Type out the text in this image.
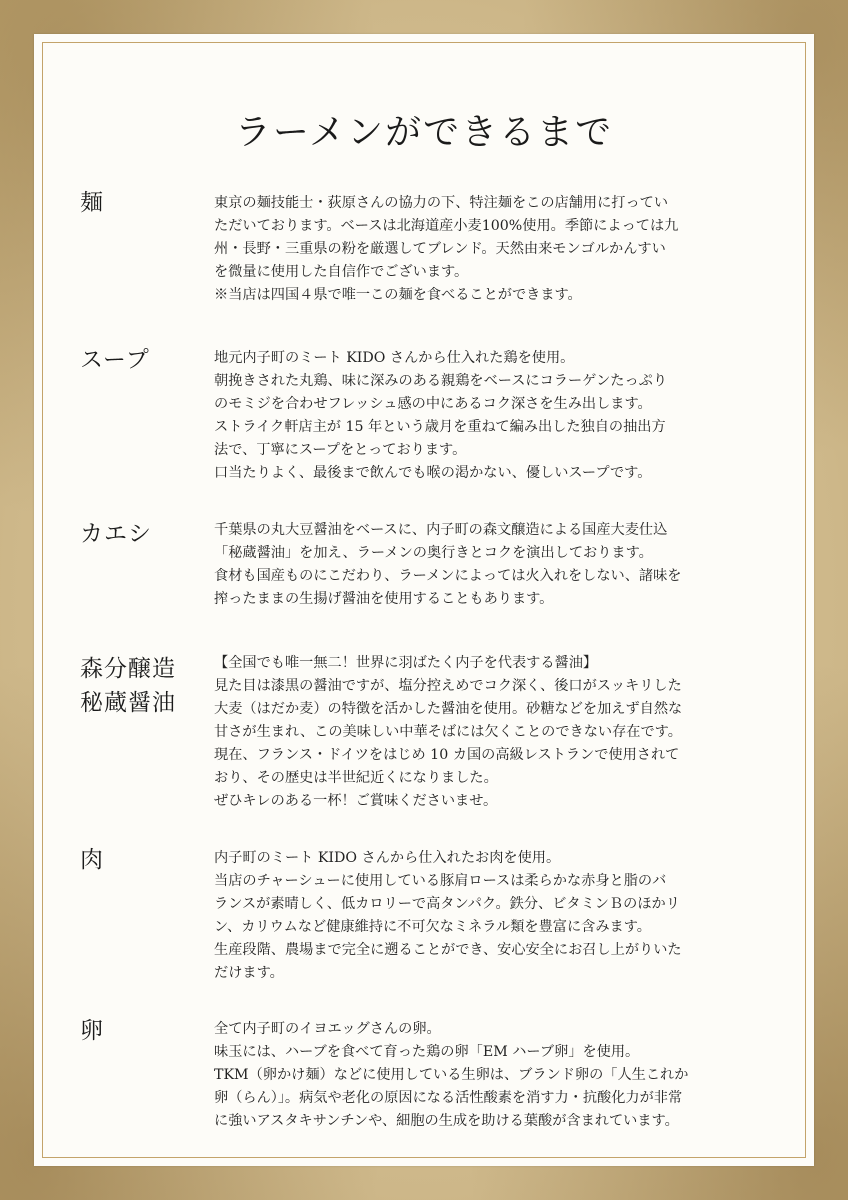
ラーメンができるまで
麺	東京の麺技能士・荻原さんの協力の下、特注麺をこの店舗用に打ってい
ただいております。ベースは北海道産小麦100%使用。季節によっては九
州・長野・三重県の粉を厳選してブレンド。天然由来モンゴルかんすい
を微量に使用した自信作でございます。
※当店は四国４県で唯一この麺を食べることができます。
スープ	地元内子町のミート KIDO さんから仕入れた鶏を使用。
朝挽きされた丸鶏、味に深みのある親鶏をベースにコラーゲンたっぷり
のモミジを合わせフレッシュ感の中にあるコク深さを生み出します。
ストライク軒店主が 15 年という歳月を重ねて編み出した独自の抽出方
法で、丁寧にスープをとっております。
口当たりよく、最後まで飲んでも喉の渇かない、優しいスープです。
カエシ	千葉県の丸大豆醤油をベースに、内子町の森文醸造による国産大麦仕込
「秘蔵醤油」を加え、ラーメンの奥行きとコクを演出しております。
食材も国産ものにこだわり、ラーメンによっては火入れをしない、諸味を
搾ったままの生揚げ醤油を使用することもあります。
森分醸造
秘蔵醤油
【全国でも唯一無二！世界に羽ばたく内子を代表する醤油】
見た目は漆黒の醤油ですが、塩分控えめでコク深く、後口がスッキリした
大麦（はだか麦）の特徴を活かした醤油を使用。砂糖などを加えず自然な
甘さが生まれ、この美味しい中華そばには欠くことのできない存在です。
現在、フランス・ドイツをはじめ 10 カ国の高級レストランで使用されて
おり、その歴史は半世紀近くになりました。
ぜひキレのある一杯！ご賞味くださいませ。
肉	内子町のミート KIDO さんから仕入れたお肉を使用。
当店のチャーシューに使用している豚肩ロースは柔らかな赤身と脂のバ
ランスが素晴しく、低カロリーで高タンパク。鉄分、ビタミンＢのほかリ
ン、カリウムなど健康維持に不可欠なミネラル類を豊富に含みます。
生産段階、農場まで完全に遡ることができ、安心安全にお召し上がりいた
だけます。
卵	全て内子町のイヨエッグさんの卵。
味玉には、ハーブを食べて育った鶏の卵「EM ハーブ卵」を使用。
TKM（卵かけ麺）などに使用している生卵は、ブランド卵の「人生これか
卵（らん）」。病気や老化の原因になる活性酸素を消す力・抗酸化力が非常
に強いアスタキサンチンや、細胞の生成を助ける葉酸が含まれています。
